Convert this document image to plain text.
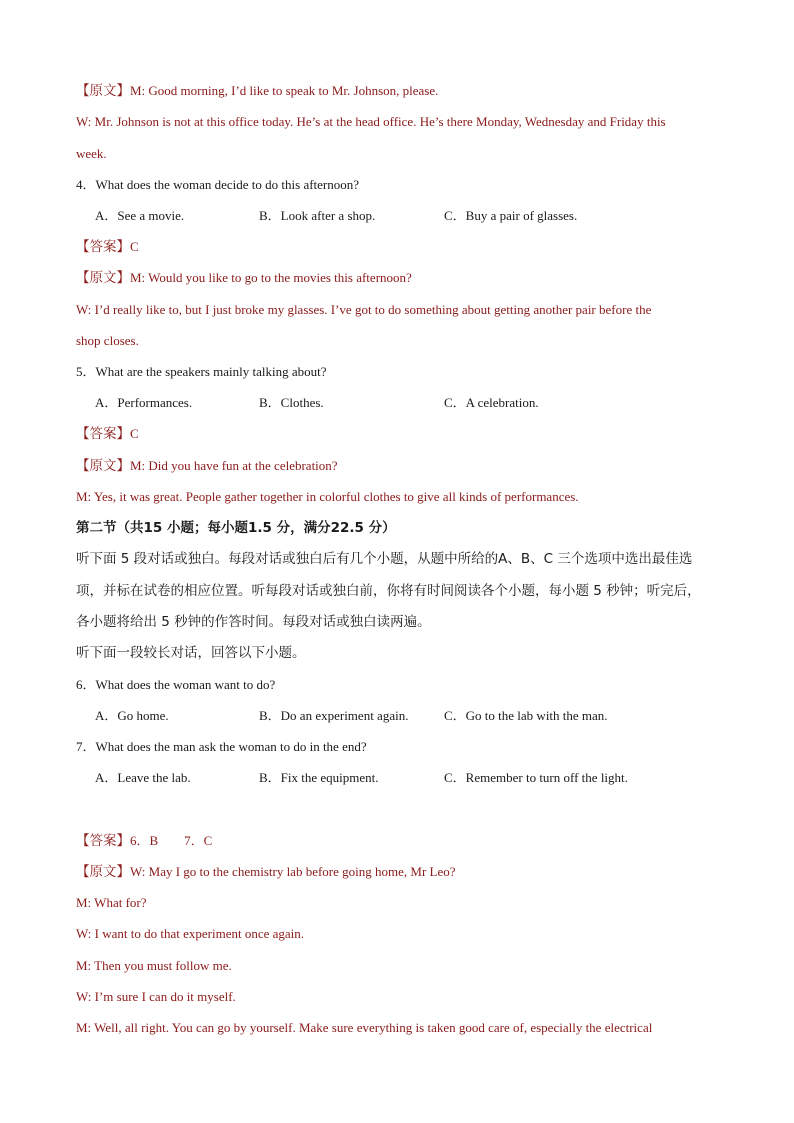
【原文】M: Good morning, I’d like to speak to Mr. Johnson, please.
W: Mr. Johnson is not at this office today. He’s at the head office. He’s there Monday, Wednesday and Friday this
week.
4．What does the woman decide to do this afternoon?
A．See a movie.	B．Look after a shop.	C．Buy a pair of glasses.
【答案】C
【原文】M: Would you like to go to the movies this afternoon?
W: I’d really like to, but I just broke my glasses. I’ve got to do something about getting another pair before the
shop closes.
5．What are the speakers mainly talking about?
A．Performances.	B．Clothes.	C．A celebration.
【答案】C
【原文】M: Did you have fun at the celebration?
M: Yes, it was great. People gather together in colorful clothes to give all kinds of performances.
第二节（共15 小题；每小题1.5 分，满分22.5 分）
听下面 5 段对话或独白。每段对话或独白后有几个小题，从题中所给的A、B、C 三个选项中选出最佳选
项，并标在试卷的相应位置。听每段对话或独白前，你将有时间阅读各个小题，每小题 5 秒钟；听完后，
各小题将给出 5 秒钟的作答时间。每段对话或独白读两遍。
听下面一段较长对话，回答以下小题。
6．What does the woman want to do?
A．Go home.	B．Do an experiment again.	C．Go to the lab with the man.
7．What does the man ask the woman to do in the end?
A．Leave the lab.	B．Fix the equipment.	C．Remember to turn off the light.
【答案】6．B　　7．C
【原文】W: May I go to the chemistry lab before going home, Mr Leo?
M: What for?
W: I want to do that experiment once again.
M: Then you must follow me.
W: I’m sure I can do it myself.
M: Well, all right. You can go by yourself. Make sure everything is taken good care of, especially the electrical
